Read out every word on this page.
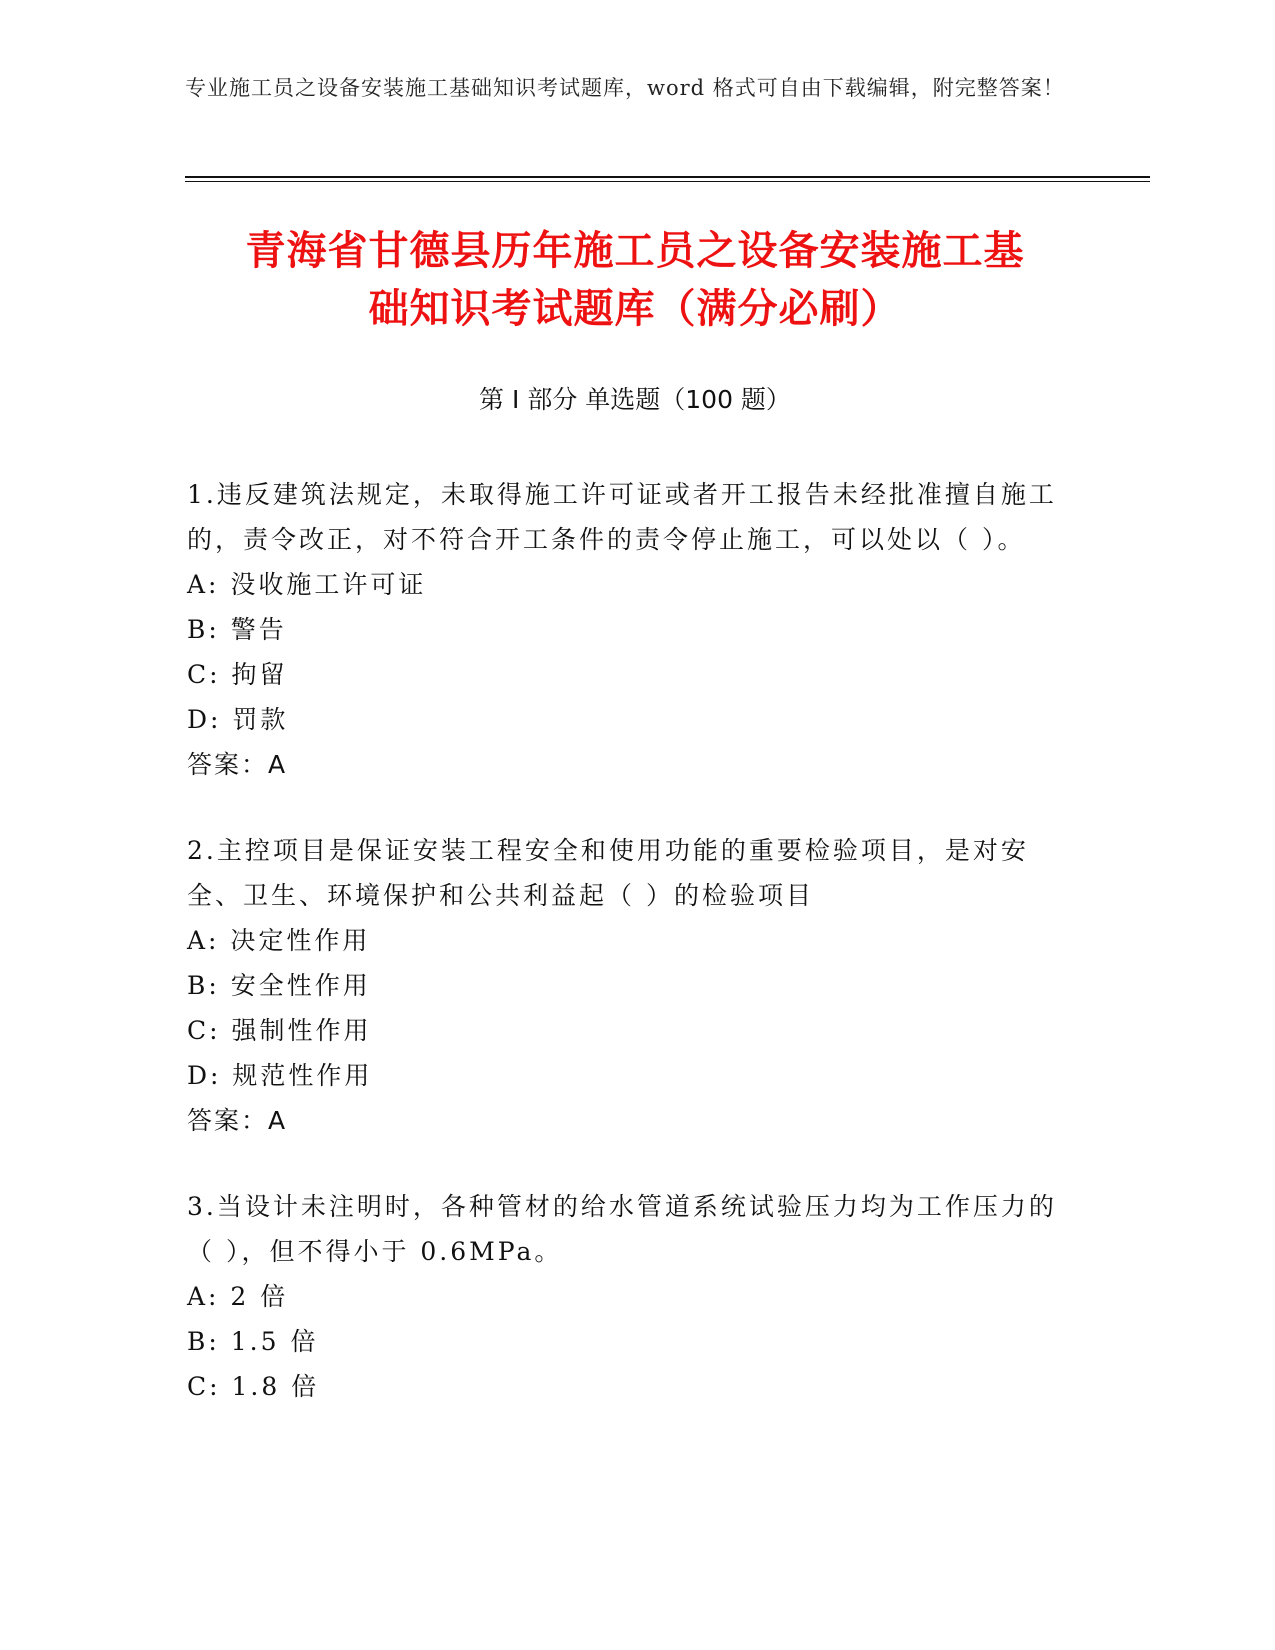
专业施工员之设备安装施工基础知识考试题库，word 格式可自由下载编辑，附完整答案！
青海省甘德县历年施工员之设备安装施工基
础知识考试题库（满分必刷）
第 I 部分 单选题（100 题）
1.违反建筑法规定，未取得施工许可证或者开工报告未经批准擅自施工的，责令改正，对不符合开工条件的责令停止施工，可以处以（ ）。
A: 没收施工许可证
B: 警告
C: 拘留
D: 罚款
答案：A
2.主控项目是保证安装工程安全和使用功能的重要检验项目，是对安全、卫生、环境保护和公共利益起（ ）的检验项目
A: 决定性作用
B: 安全性作用
C: 强制性作用
D: 规范性作用
答案：A
3.当设计未注明时，各种管材的给水管道系统试验压力均为工作压力的（ ），但不得小于 0.6MPa。
A: 2 倍
B: 1.5 倍
C: 1.8 倍
